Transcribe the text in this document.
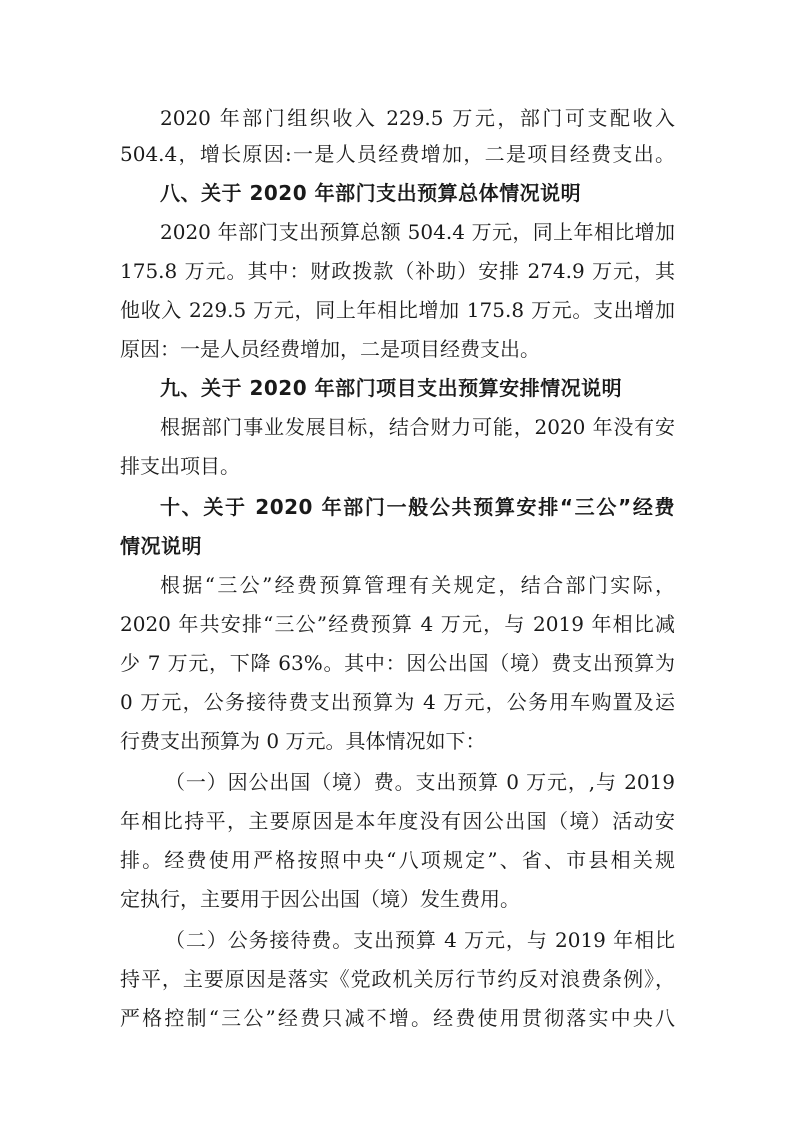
2020 年部门组织收入 229.5 万元，部门可支配收入
504.4，增长原因:一是人员经费增加，二是项目经费支出。
八、关于 2020 年部门支出预算总体情况说明
2020 年部门支出预算总额 504.4 万元，同上年相比增加
175.8 万元。其中：财政拨款（补助）安排 274.9 万元，其
他收入 229.5 万元，同上年相比增加 175.8 万元。支出增加
原因：一是人员经费增加，二是项目经费支出。
九、关于 2020 年部门项目支出预算安排情况说明
根据部门事业发展目标，结合财力可能，2020 年没有安
排支出项目。
十、关于 2020 年部门一般公共预算安排“三公”经费
情况说明
根据“三公”经费预算管理有关规定，结合部门实际，
2020 年共安排“三公”经费预算 4 万元，与 2019 年相比减
少 7 万元，下降 63%。其中：因公出国（境）费支出预算为
0 万元，公务接待费支出预算为 4 万元，公务用车购置及运
行费支出预算为 0 万元。具体情况如下：
（一）因公出国（境）费。支出预算 0 万元，,与 2019
年相比持平，主要原因是本年度没有因公出国（境）活动安
排。经费使用严格按照中央“八项规定”、省、市县相关规
定执行，主要用于因公出国（境）发生费用。
（二）公务接待费。支出预算 4 万元，与 2019 年相比
持平，主要原因是落实《党政机关厉行节约反对浪费条例》，
严格控制“三公”经费只减不增。经费使用贯彻落实中央八
